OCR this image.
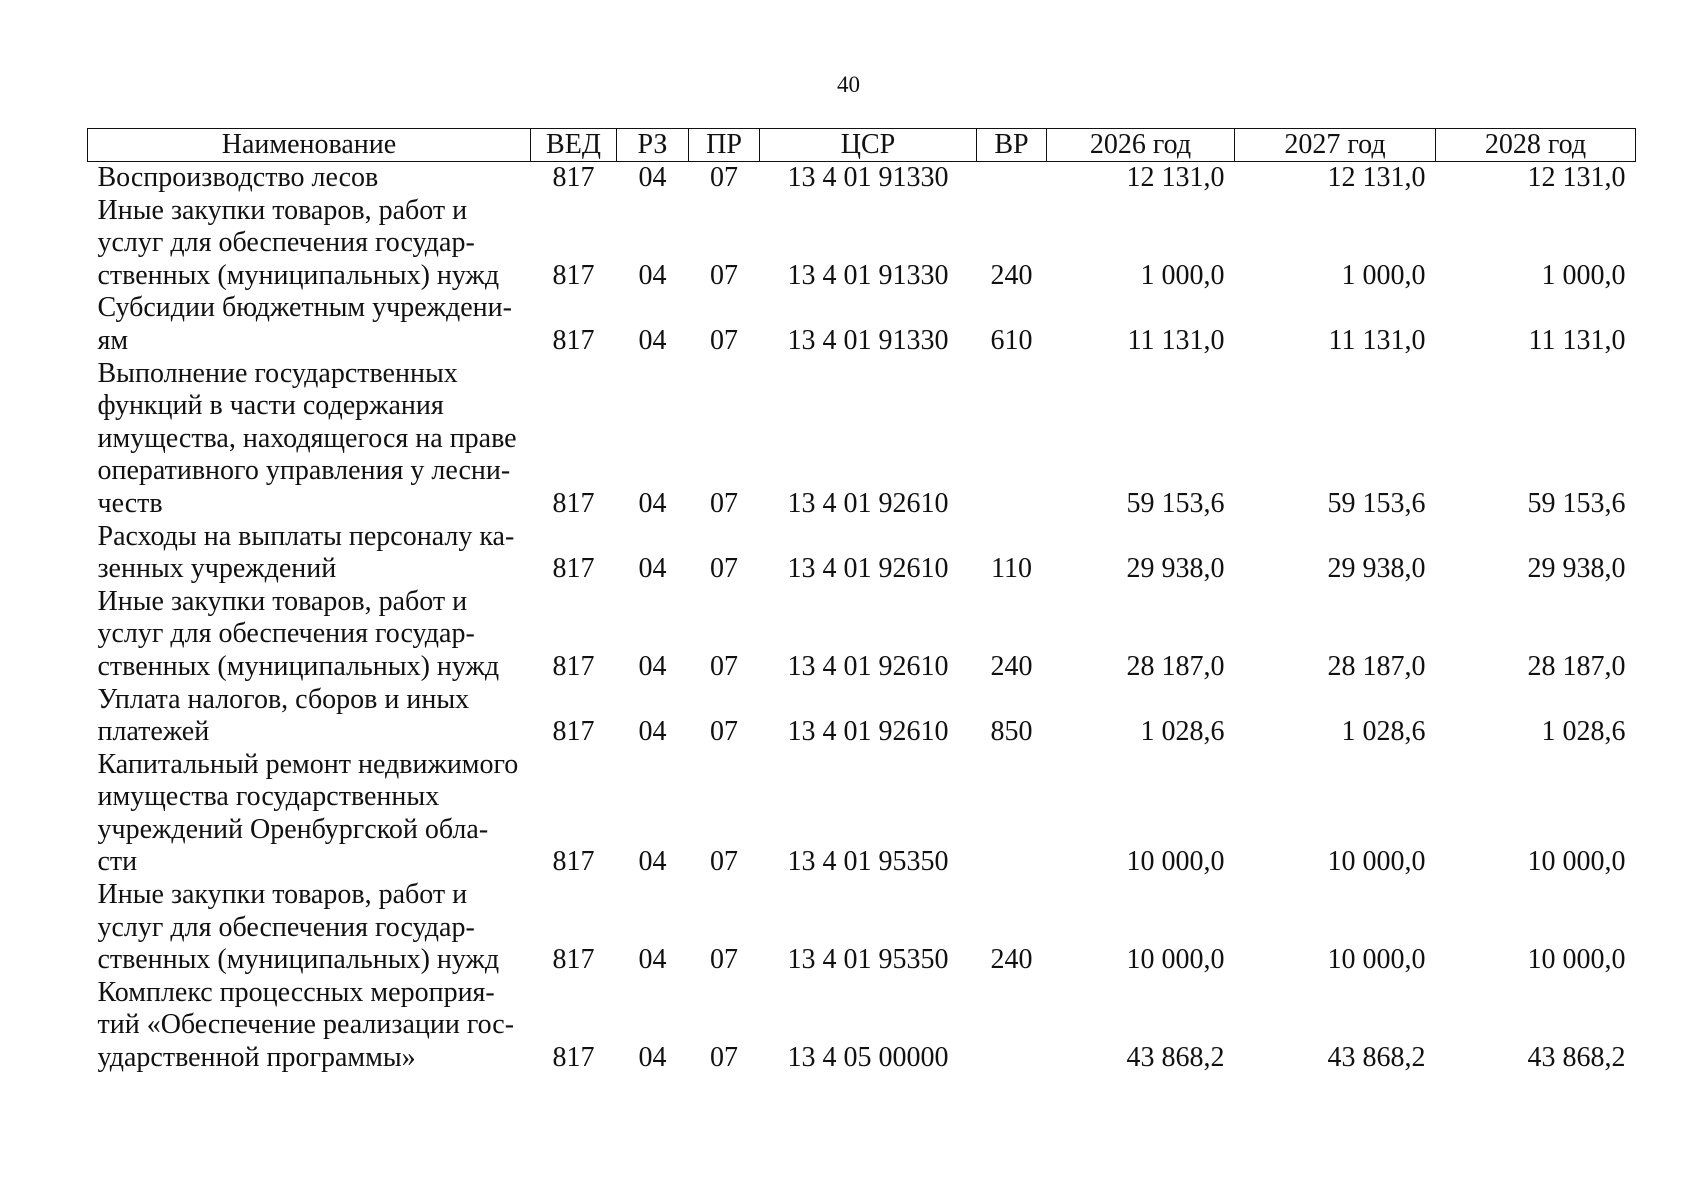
40
Наименование	ВЕД	РЗ	ПР	ЦСР	ВР	2026 год	2027 год	2028 год

Воспроизводство лесов	817	04	07	13 4 01 91330		12 131,0	12 131,0	12 131,0

Иные закупки товаров, работ и
услуг для обеспечения государ-
ственных (муниципальных) нужд	817	04	07	13 4 01 91330	240	1 000,0	1 000,0	1 000,0

Субсидии бюджетным учреждени-
ям	817	04	07	13 4 01 91330	610	11 131,0	11 131,0	11 131,0

Выполнение государственных
функций в части содержания
имущества, находящегося на праве
оперативного управления у лесни-
честв	817	04	07	13 4 01 92610		59 153,6	59 153,6	59 153,6

Расходы на выплаты персоналу ка-
зенных учреждений	817	04	07	13 4 01 92610	110	29 938,0	29 938,0	29 938,0

Иные закупки товаров, работ и
услуг для обеспечения государ-
ственных (муниципальных) нужд	817	04	07	13 4 01 92610	240	28 187,0	28 187,0	28 187,0

Уплата налогов, сборов и иных
платежей	817	04	07	13 4 01 92610	850	1 028,6	1 028,6	1 028,6

Капитальный ремонт недвижимого
имущества государственных
учреждений Оренбургской обла-
сти	817	04	07	13 4 01 95350		10 000,0	10 000,0	10 000,0

Иные закупки товаров, работ и
услуг для обеспечения государ-
ственных (муниципальных) нужд	817	04	07	13 4 01 95350	240	10 000,0	10 000,0	10 000,0

Комплекс процессных мероприя-
тий «Обеспечение реализации гос-
ударственной программы»	817	04	07	13 4 05 00000		43 868,2	43 868,2	43 868,2
